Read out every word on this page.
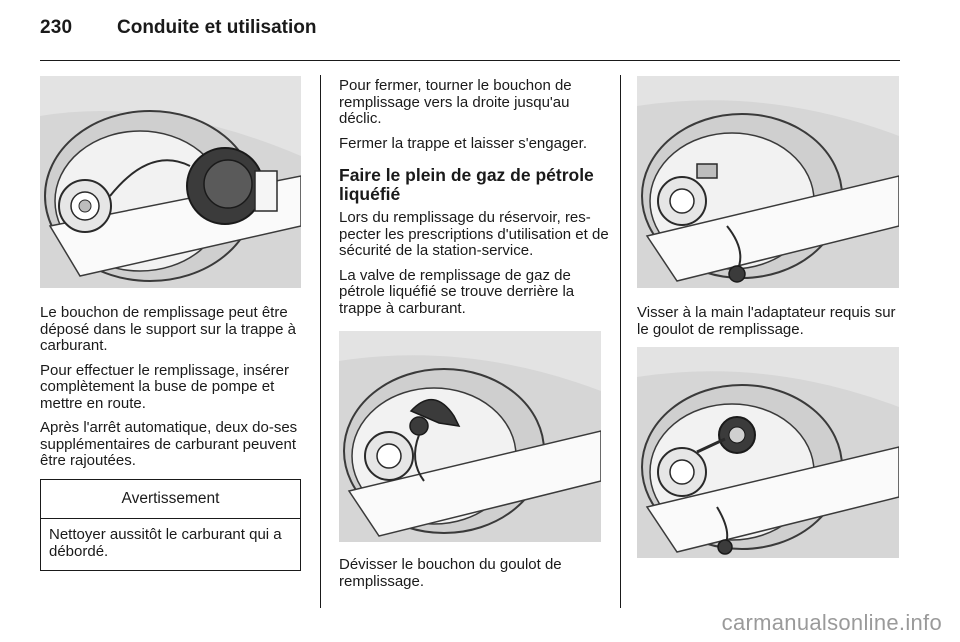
230 Conduite et utilisation

Le bouchon de remplissage peut être déposé dans le support sur la trappe à carburant.

Pour effectuer le remplissage, insérer complètement la buse de pompe et mettre en route.

Après l'arrêt automatique, deux do-ses supplémentaires de carburant peuvent être rajoutées.

Avertissement
Nettoyer aussitôt le carburant qui a débordé.

Pour fermer, tourner le bouchon de remplissage vers la droite jusqu'au déclic.

Fermer la trappe et laisser s'engager.

Faire le plein de gaz de pétrole liquéfié

Lors du remplissage du réservoir, res-pecter les prescriptions d'utilisation et de sécurité de la station-service.

La valve de remplissage de gaz de pétrole liquéfié se trouve derrière la trappe à carburant.

Dévisser le bouchon du goulot de remplissage.

Visser à la main l'adaptateur requis sur le goulot de remplissage.

carmanualsonline.info
